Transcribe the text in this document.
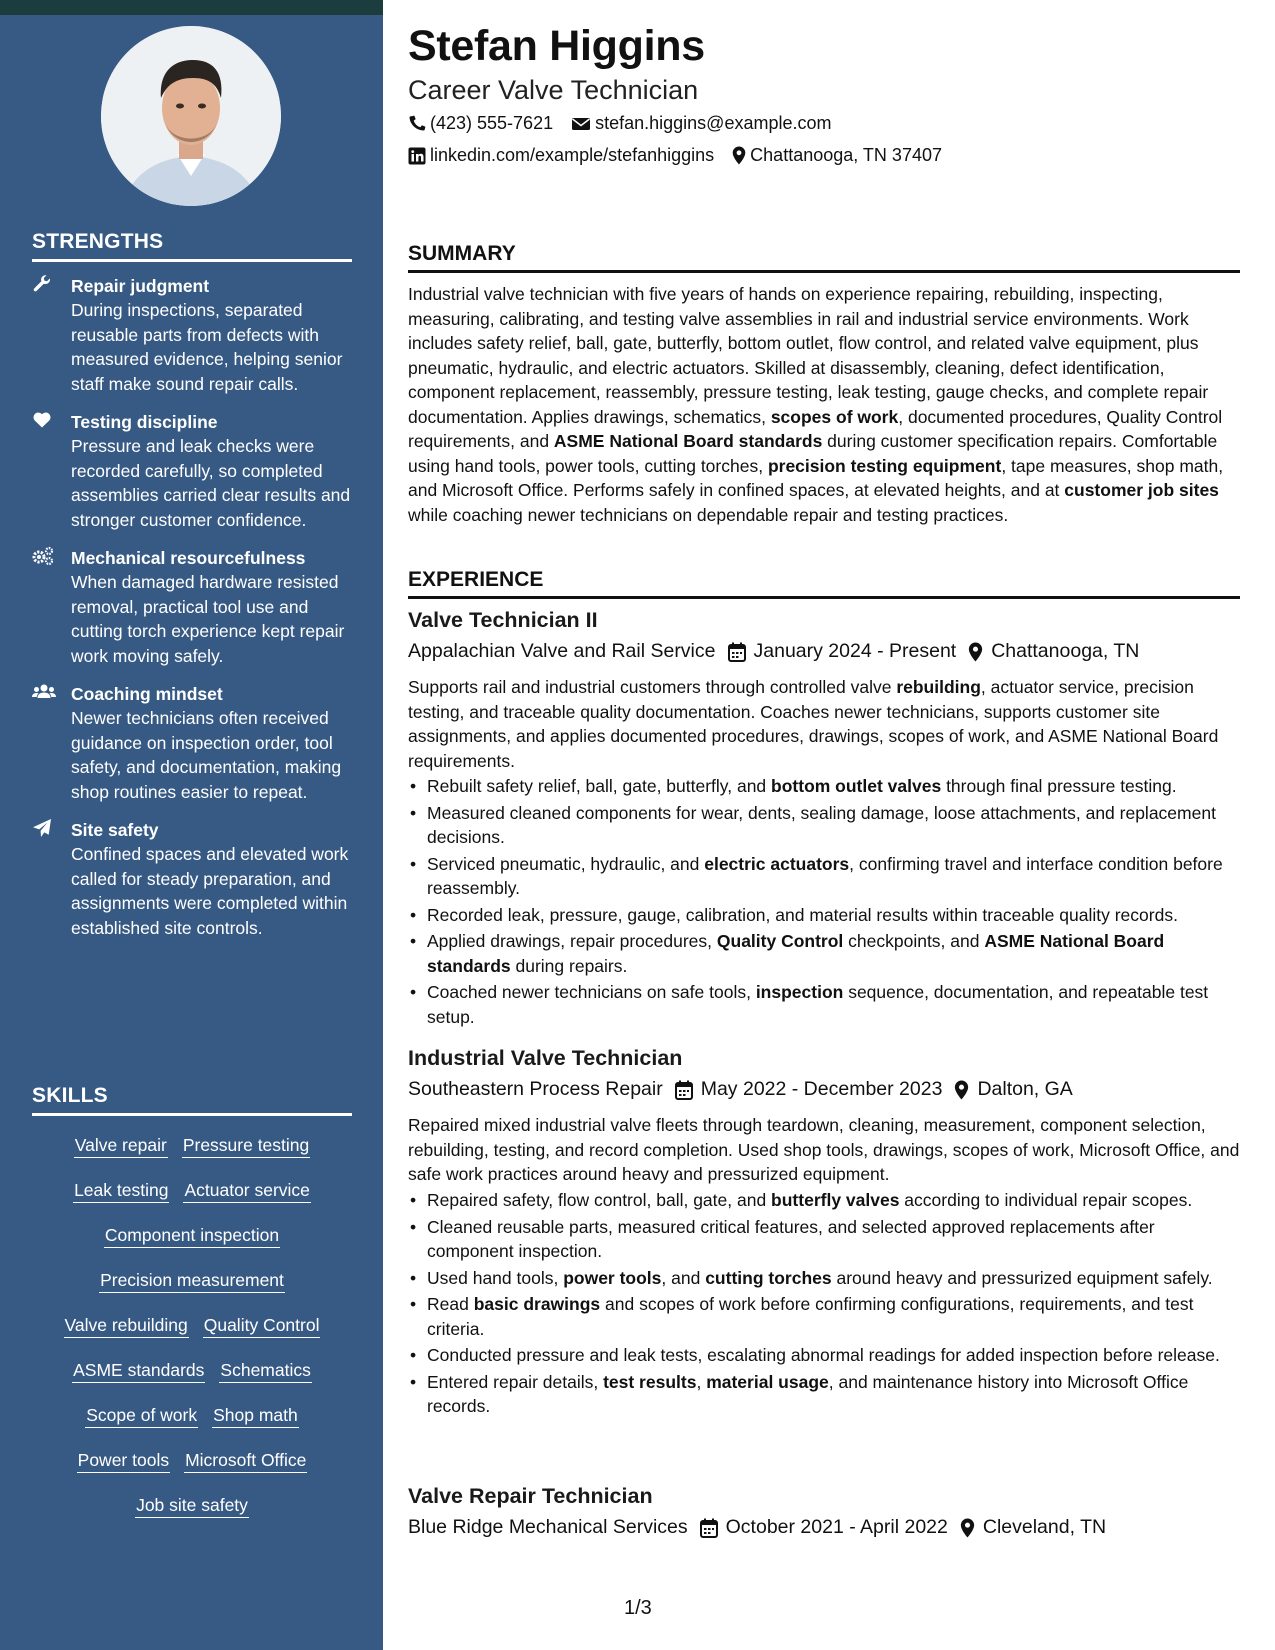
STRENGTHS
Repair judgment
During inspections, separated reusable parts from defects with measured evidence, helping senior staff make sound repair calls.
Testing discipline
Pressure and leak checks were recorded carefully, so completed assemblies carried clear results and stronger customer confidence.
Mechanical resourcefulness
When damaged hardware resisted removal, practical tool use and cutting torch experience kept repair work moving safely.
Coaching mindset
Newer technicians often received guidance on inspection order, tool safety, and documentation, making shop routines easier to repeat.
Site safety
Confined spaces and elevated work called for steady preparation, and assignments were completed within established site controls.
SKILLS
Valve repair Pressure testing
Leak testing Actuator service
Component inspection
Precision measurement
Valve rebuilding Quality Control
ASME standards Schematics
Scope of work Shop math
Power tools Microsoft Office
Job site safety
Stefan Higgins
Career Valve Technician
(423) 555-7621 stefan.higgins@example.com
linkedin.com/example/stefanhiggins Chattanooga, TN 37407
SUMMARY

Industrial valve technician with five years of hands on experience repairing, rebuilding, inspecting, measuring, calibrating, and testing valve assemblies in rail and industrial service environments. Work includes safety relief, ball, gate, butterfly, bottom outlet, flow control, and related valve equipment, plus pneumatic, hydraulic, and electric actuators. Skilled at disassembly, cleaning, defect identification, component replacement, reassembly, pressure testing, leak testing, gauge checks, and complete repair documentation. Applies drawings, schematics, scopes of work, documented procedures, Quality Control requirements, and ASME National Board standards during customer specification repairs. Comfortable using hand tools, power tools, cutting torches, precision testing equipment, tape measures, shop math, and Microsoft Office. Performs safely in confined spaces, at elevated heights, and at customer job sites while coaching newer technicians on dependable repair and testing practices.

EXPERIENCE
Valve Technician II
Appalachian Valve and Rail Service January 2024 - Present Chattanooga, TN

Supports rail and industrial customers through controlled valve rebuilding, actuator service, precision testing, and traceable quality documentation. Coaches newer technicians, supports customer site assignments, and applies documented procedures, drawings, scopes of work, and ASME National Board requirements.

• Rebuilt safety relief, ball, gate, butterfly, and bottom outlet valves through final pressure testing.
• Measured cleaned components for wear, dents, sealing damage, loose attachments, and replacement decisions.
• Serviced pneumatic, hydraulic, and electric actuators, confirming travel and interface condition before reassembly.
• Recorded leak, pressure, gauge, calibration, and material results within traceable quality records.
• Applied drawings, repair procedures, Quality Control checkpoints, and ASME National Board standards during repairs.
• Coached newer technicians on safe tools, inspection sequence, documentation, and repeatable test setup.
Industrial Valve Technician
Southeastern Process Repair May 2022 - December 2023 Dalton, GA

Repaired mixed industrial valve fleets through teardown, cleaning, measurement, component selection, rebuilding, testing, and record completion. Used shop tools, drawings, scopes of work, Microsoft Office, and safe work practices around heavy and pressurized equipment.

• Repaired safety, flow control, ball, gate, and butterfly valves according to individual repair scopes.
• Cleaned reusable parts, measured critical features, and selected approved replacements after component inspection.
• Used hand tools, power tools, and cutting torches around heavy and pressurized equipment safely.
• Read basic drawings and scopes of work before confirming configurations, requirements, and test criteria.
• Conducted pressure and leak tests, escalating abnormal readings for added inspection before release.
• Entered repair details, test results, material usage, and maintenance history into Microsoft Office records.
Valve Repair Technician
Blue Ridge Mechanical Services October 2021 - April 2022 Cleveland, TN
1/3
